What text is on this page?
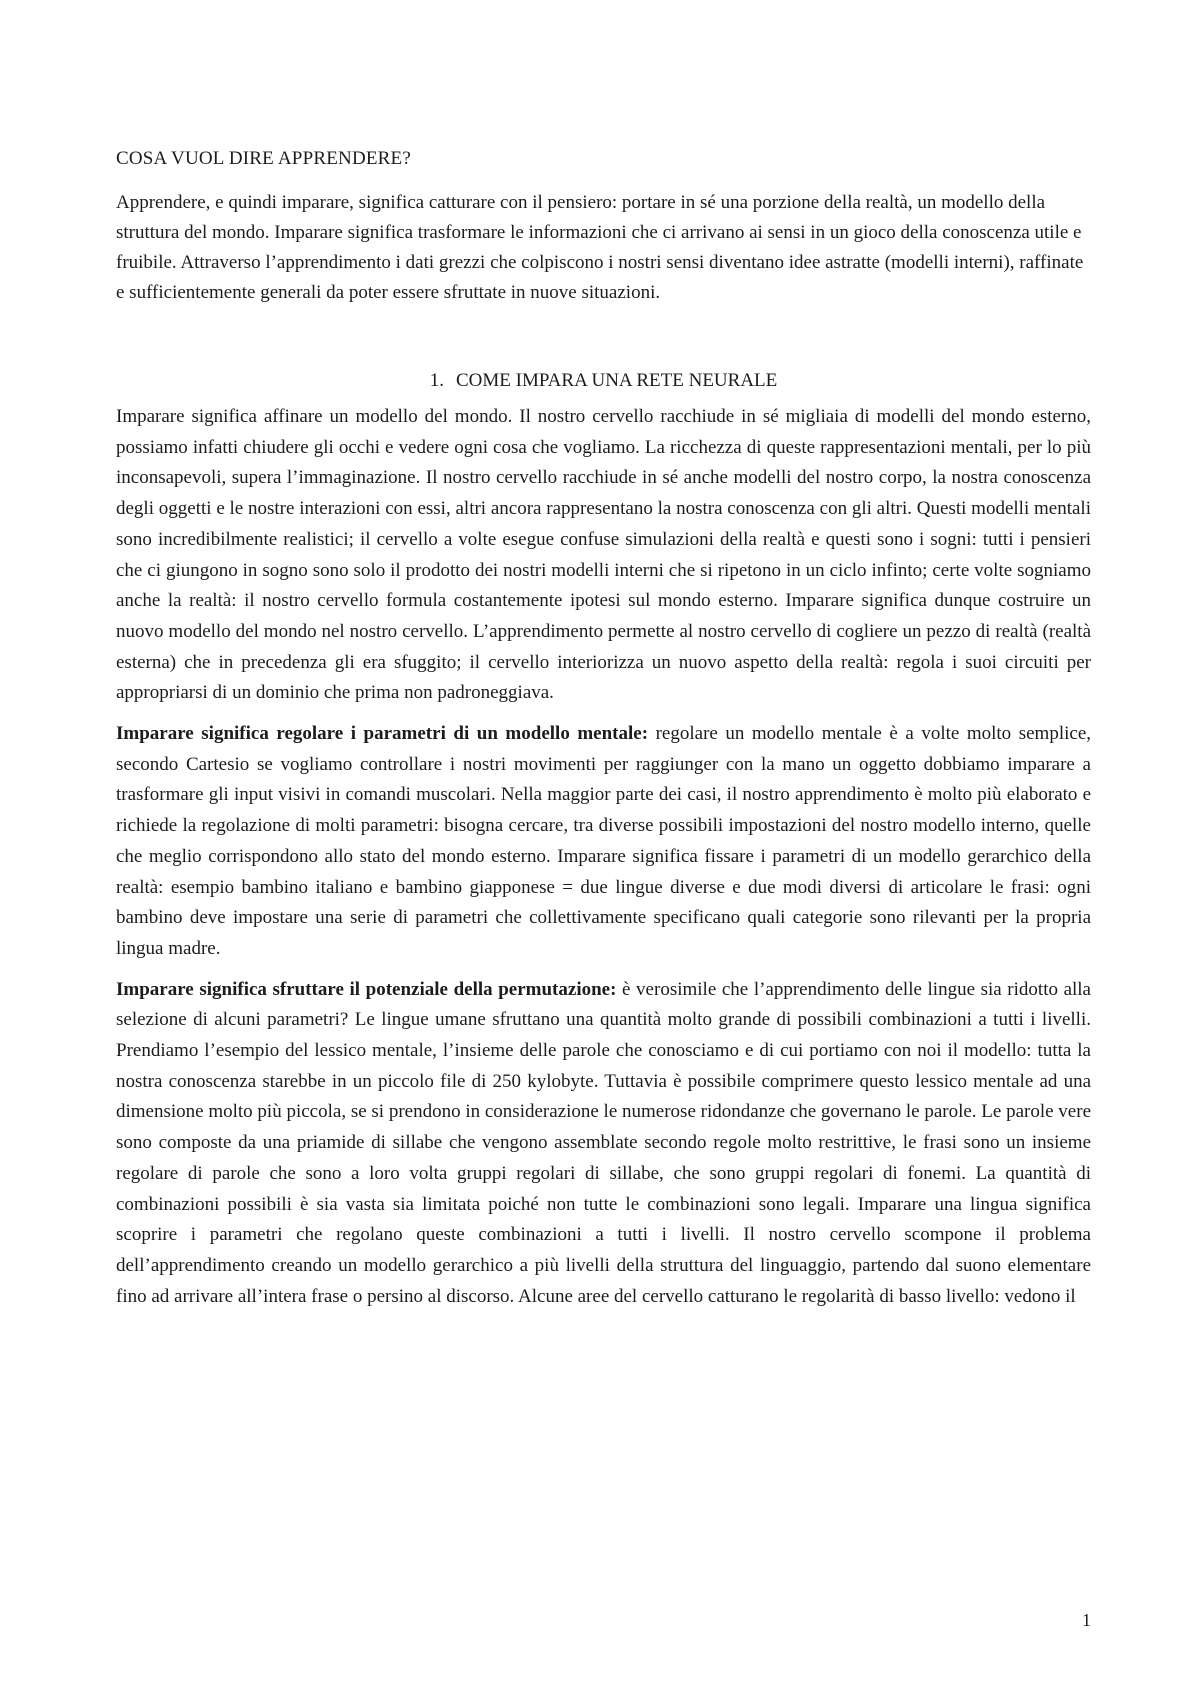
COSA VUOL DIRE APPRENDERE?

Apprendere, e quindi imparare, significa catturare con il pensiero: portare in sé una porzione della realtà, un modello della struttura del mondo. Imparare significa trasformare le informazioni che ci arrivano ai sensi in un gioco della conoscenza utile e fruibile. Attraverso l’apprendimento i dati grezzi che colpiscono i nostri sensi diventano idee astratte (modelli interni), raffinate e sufficientemente generali da poter essere sfruttate in nuove situazioni.

1. COME IMPARA UNA RETE NEURALE

Imparare significa affinare un modello del mondo. Il nostro cervello racchiude in sé migliaia di modelli del mondo esterno, possiamo infatti chiudere gli occhi e vedere ogni cosa che vogliamo. La ricchezza di queste rappresentazioni mentali, per lo più inconsapevoli, supera l’immaginazione. Il nostro cervello racchiude in sé anche modelli del nostro corpo, la nostra conoscenza degli oggetti e le nostre interazioni con essi, altri ancora rappresentano la nostra conoscenza con gli altri. Questi modelli mentali sono incredibilmente realistici; il cervello a volte esegue confuse simulazioni della realtà e questi sono i sogni: tutti i pensieri che ci giungono in sogno sono solo il prodotto dei nostri modelli interni che si ripetono in un ciclo infinto; certe volte sogniamo anche la realtà: il nostro cervello formula costantemente ipotesi sul mondo esterno. Imparare significa dunque costruire un nuovo modello del mondo nel nostro cervello. L’apprendimento permette al nostro cervello di cogliere un pezzo di realtà (realtà esterna) che in precedenza gli era sfuggito; il cervello interiorizza un nuovo aspetto della realtà: regola i suoi circuiti per appropriarsi di un dominio che prima non padroneggiava.

Imparare significa regolare i parametri di un modello mentale: regolare un modello mentale è a volte molto semplice, secondo Cartesio se vogliamo controllare i nostri movimenti per raggiunger con la mano un oggetto dobbiamo imparare a trasformare gli input visivi in comandi muscolari. Nella maggior parte dei casi, il nostro apprendimento è molto più elaborato e richiede la regolazione di molti parametri: bisogna cercare, tra diverse possibili impostazioni del nostro modello interno, quelle che meglio corrispondono allo stato del mondo esterno. Imparare significa fissare i parametri di un modello gerarchico della realtà: esempio bambino italiano e bambino giapponese = due lingue diverse e due modi diversi di articolare le frasi: ogni bambino deve impostare una serie di parametri che collettivamente specificano quali categorie sono rilevanti per la propria lingua madre.

Imparare significa sfruttare il potenziale della permutazione: è verosimile che l’apprendimento delle lingue sia ridotto alla selezione di alcuni parametri? Le lingue umane sfruttano una quantità molto grande di possibili combinazioni a tutti i livelli. Prendiamo l’esempio del lessico mentale, l’insieme delle parole che conosciamo e di cui portiamo con noi il modello: tutta la nostra conoscenza starebbe in un piccolo file di 250 kylobyte. Tuttavia è possibile comprimere questo lessico mentale ad una dimensione molto più piccola, se si prendono in considerazione le numerose ridondanze che governano le parole. Le parole vere sono composte da una priamide di sillabe che vengono assemblate secondo regole molto restrittive, le frasi sono un insieme regolare di parole che sono a loro volta gruppi regolari di sillabe, che sono gruppi regolari di fonemi. La quantità di combinazioni possibili è sia vasta sia limitata poiché non tutte le combinazioni sono legali. Imparare una lingua significa scoprire i parametri che regolano queste combinazioni a tutti i livelli. Il nostro cervello scompone il problema dell’apprendimento creando un modello gerarchico a più livelli della struttura del linguaggio, partendo dal suono elementare fino ad arrivare all’intera frase o persino al discorso. Alcune aree del cervello catturano le regolarità di basso livello: vedono il

1
